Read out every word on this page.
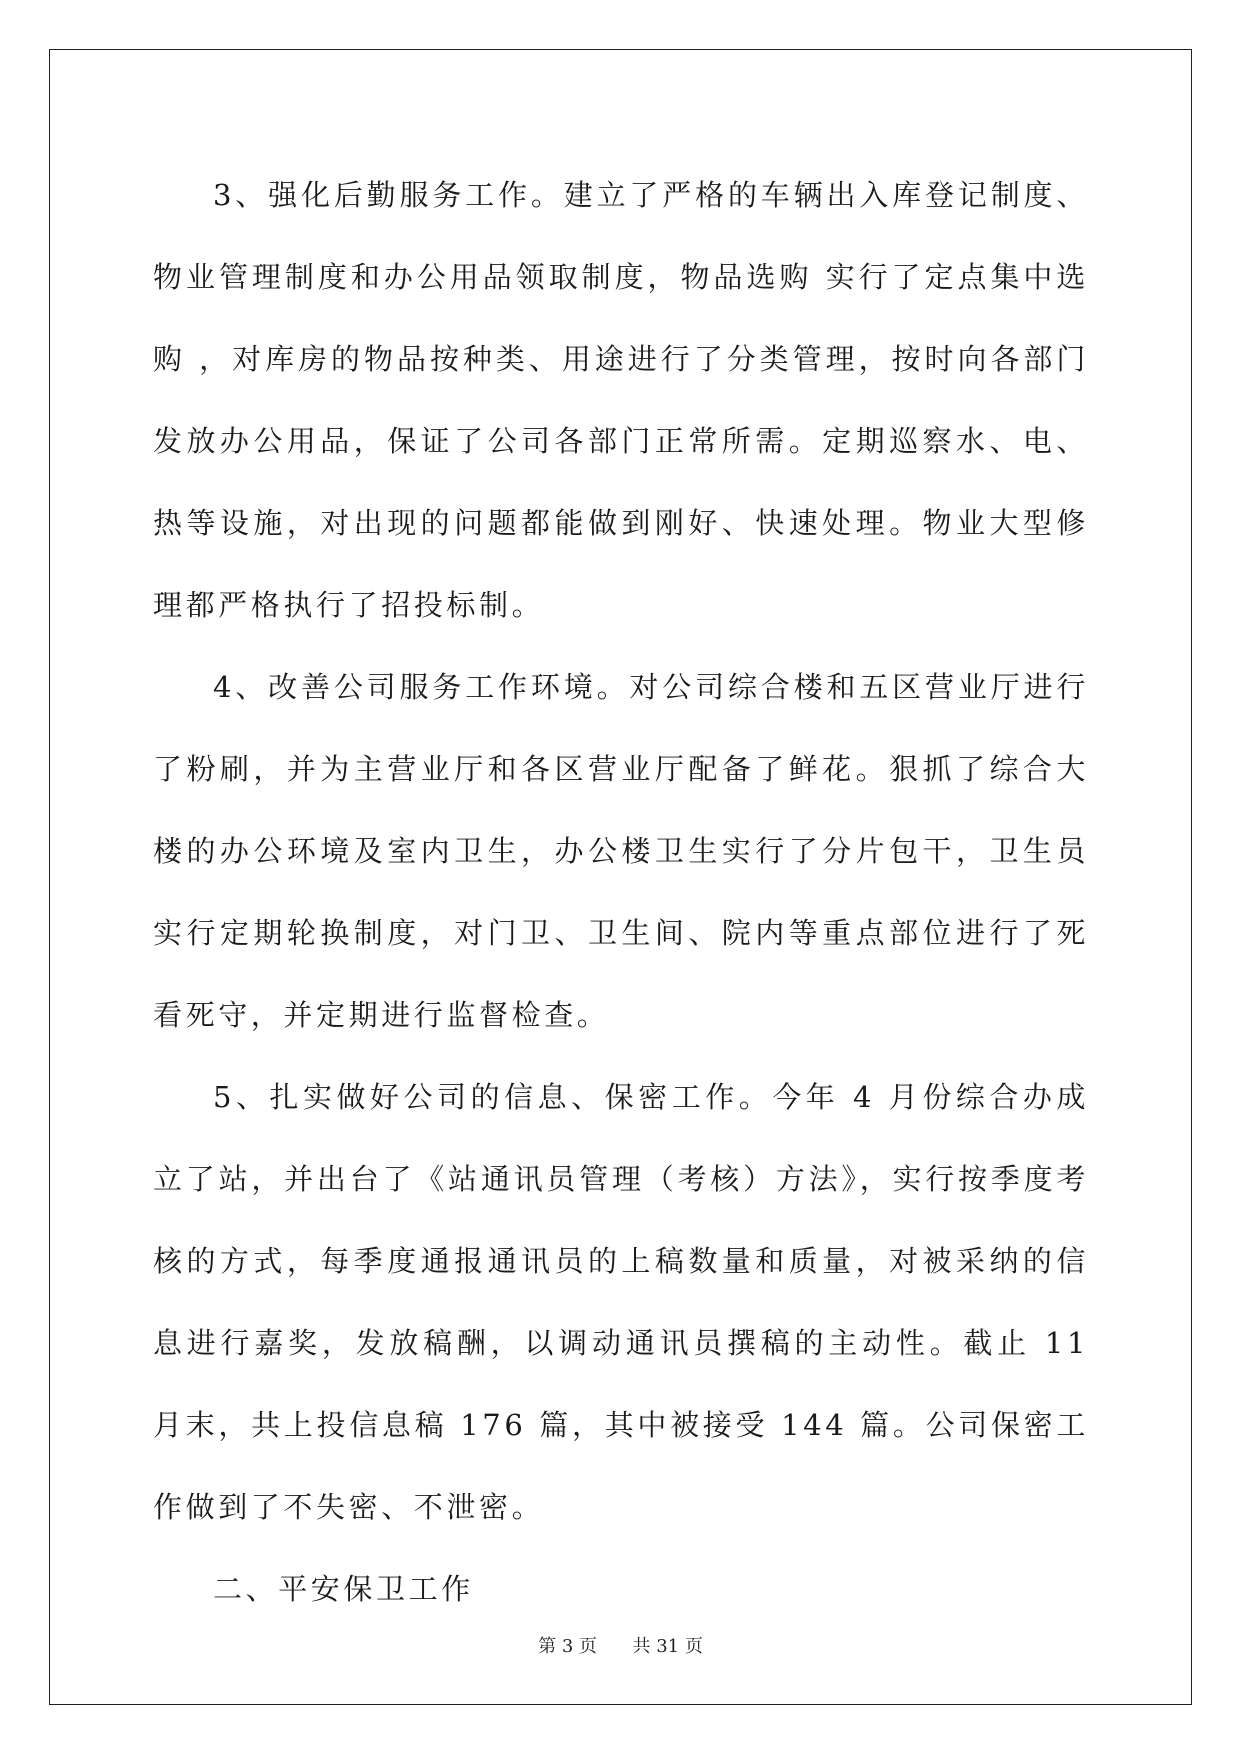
3、强化后勤服务工作。建立了严格的车辆出入库登记制度、物业管理制度和办公用品领取制度，物品选购 实行了定点集中选购 ，对库房的物品按种类、用途进行了分类管理，按时向各部门发放办公用品，保证了公司各部门正常所需。定期巡察水、电、热等设施，对出现的问题都能做到刚好、快速处理。物业大型修理都严格执行了招投标制。

4、改善公司服务工作环境。对公司综合楼和五区营业厅进行了粉刷，并为主营业厅和各区营业厅配备了鲜花。狠抓了综合大楼的办公环境及室内卫生，办公楼卫生实行了分片包干，卫生员实行定期轮换制度，对门卫、卫生间、院内等重点部位进行了死看死守，并定期进行监督检查。

5、扎实做好公司的信息、保密工作。今年 4 月份综合办成立了站，并出台了《站通讯员管理（考核）方法》，实行按季度考核的方式，每季度通报通讯员的上稿数量和质量，对被采纳的信息进行嘉奖，发放稿酬，以调动通讯员撰稿的主动性。截止 11 月末，共上投信息稿 176 篇，其中被接受 144 篇。公司保密工作做到了不失密、不泄密。

二、平安保卫工作

第 3 页 共 31 页
